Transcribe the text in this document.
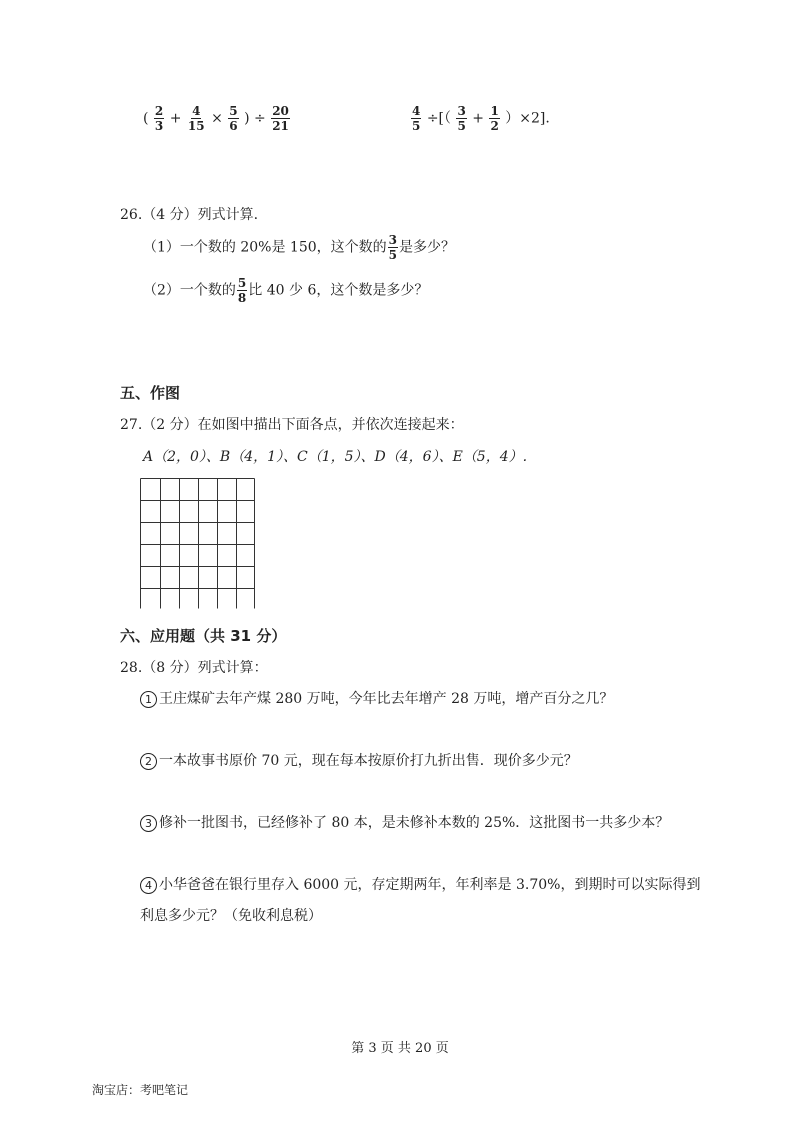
( $\frac{2}{3} + \frac{4}{15} \times \frac{5}{6}$ ) ÷ $\frac{20}{21}$	$\frac{4}{5}$ ÷[（ $\frac{3}{5} + \frac{1}{2} )\times 2$].
26.（4 分）列式计算.
（1）一个数的 20%是 150，这个数的 $\frac{3}{5}$ 是多少？
（2）一个数的 $\frac{5}{8}$ 比 40 少 6，这个数是多少？
五、作图
27.（2 分）在如图中描出下面各点，并依次连接起来：
A（2，0）、B（4，1）、C（1，5）、D（4，6）、E（5，4）.
六、应用题（共 31 分）
28.（8 分）列式计算：
1 王庄煤矿去年产煤 280 万吨，今年比去年增产 28 万吨，增产百分之几？
2 一本故事书原价 70 元，现在每本按原价打九折出售．现价多少元？
3 修补一批图书，已经修补了 80 本，是未修补本数的 25%．这批图书一共多少本？
4 小华爸爸在银行里存入 6000 元，存定期两年，年利率是 3.70%，到期时可以实际得到
利息多少元？（免收利息税）
第 3 页 共 20 页
淘宝店：考吧笔记
